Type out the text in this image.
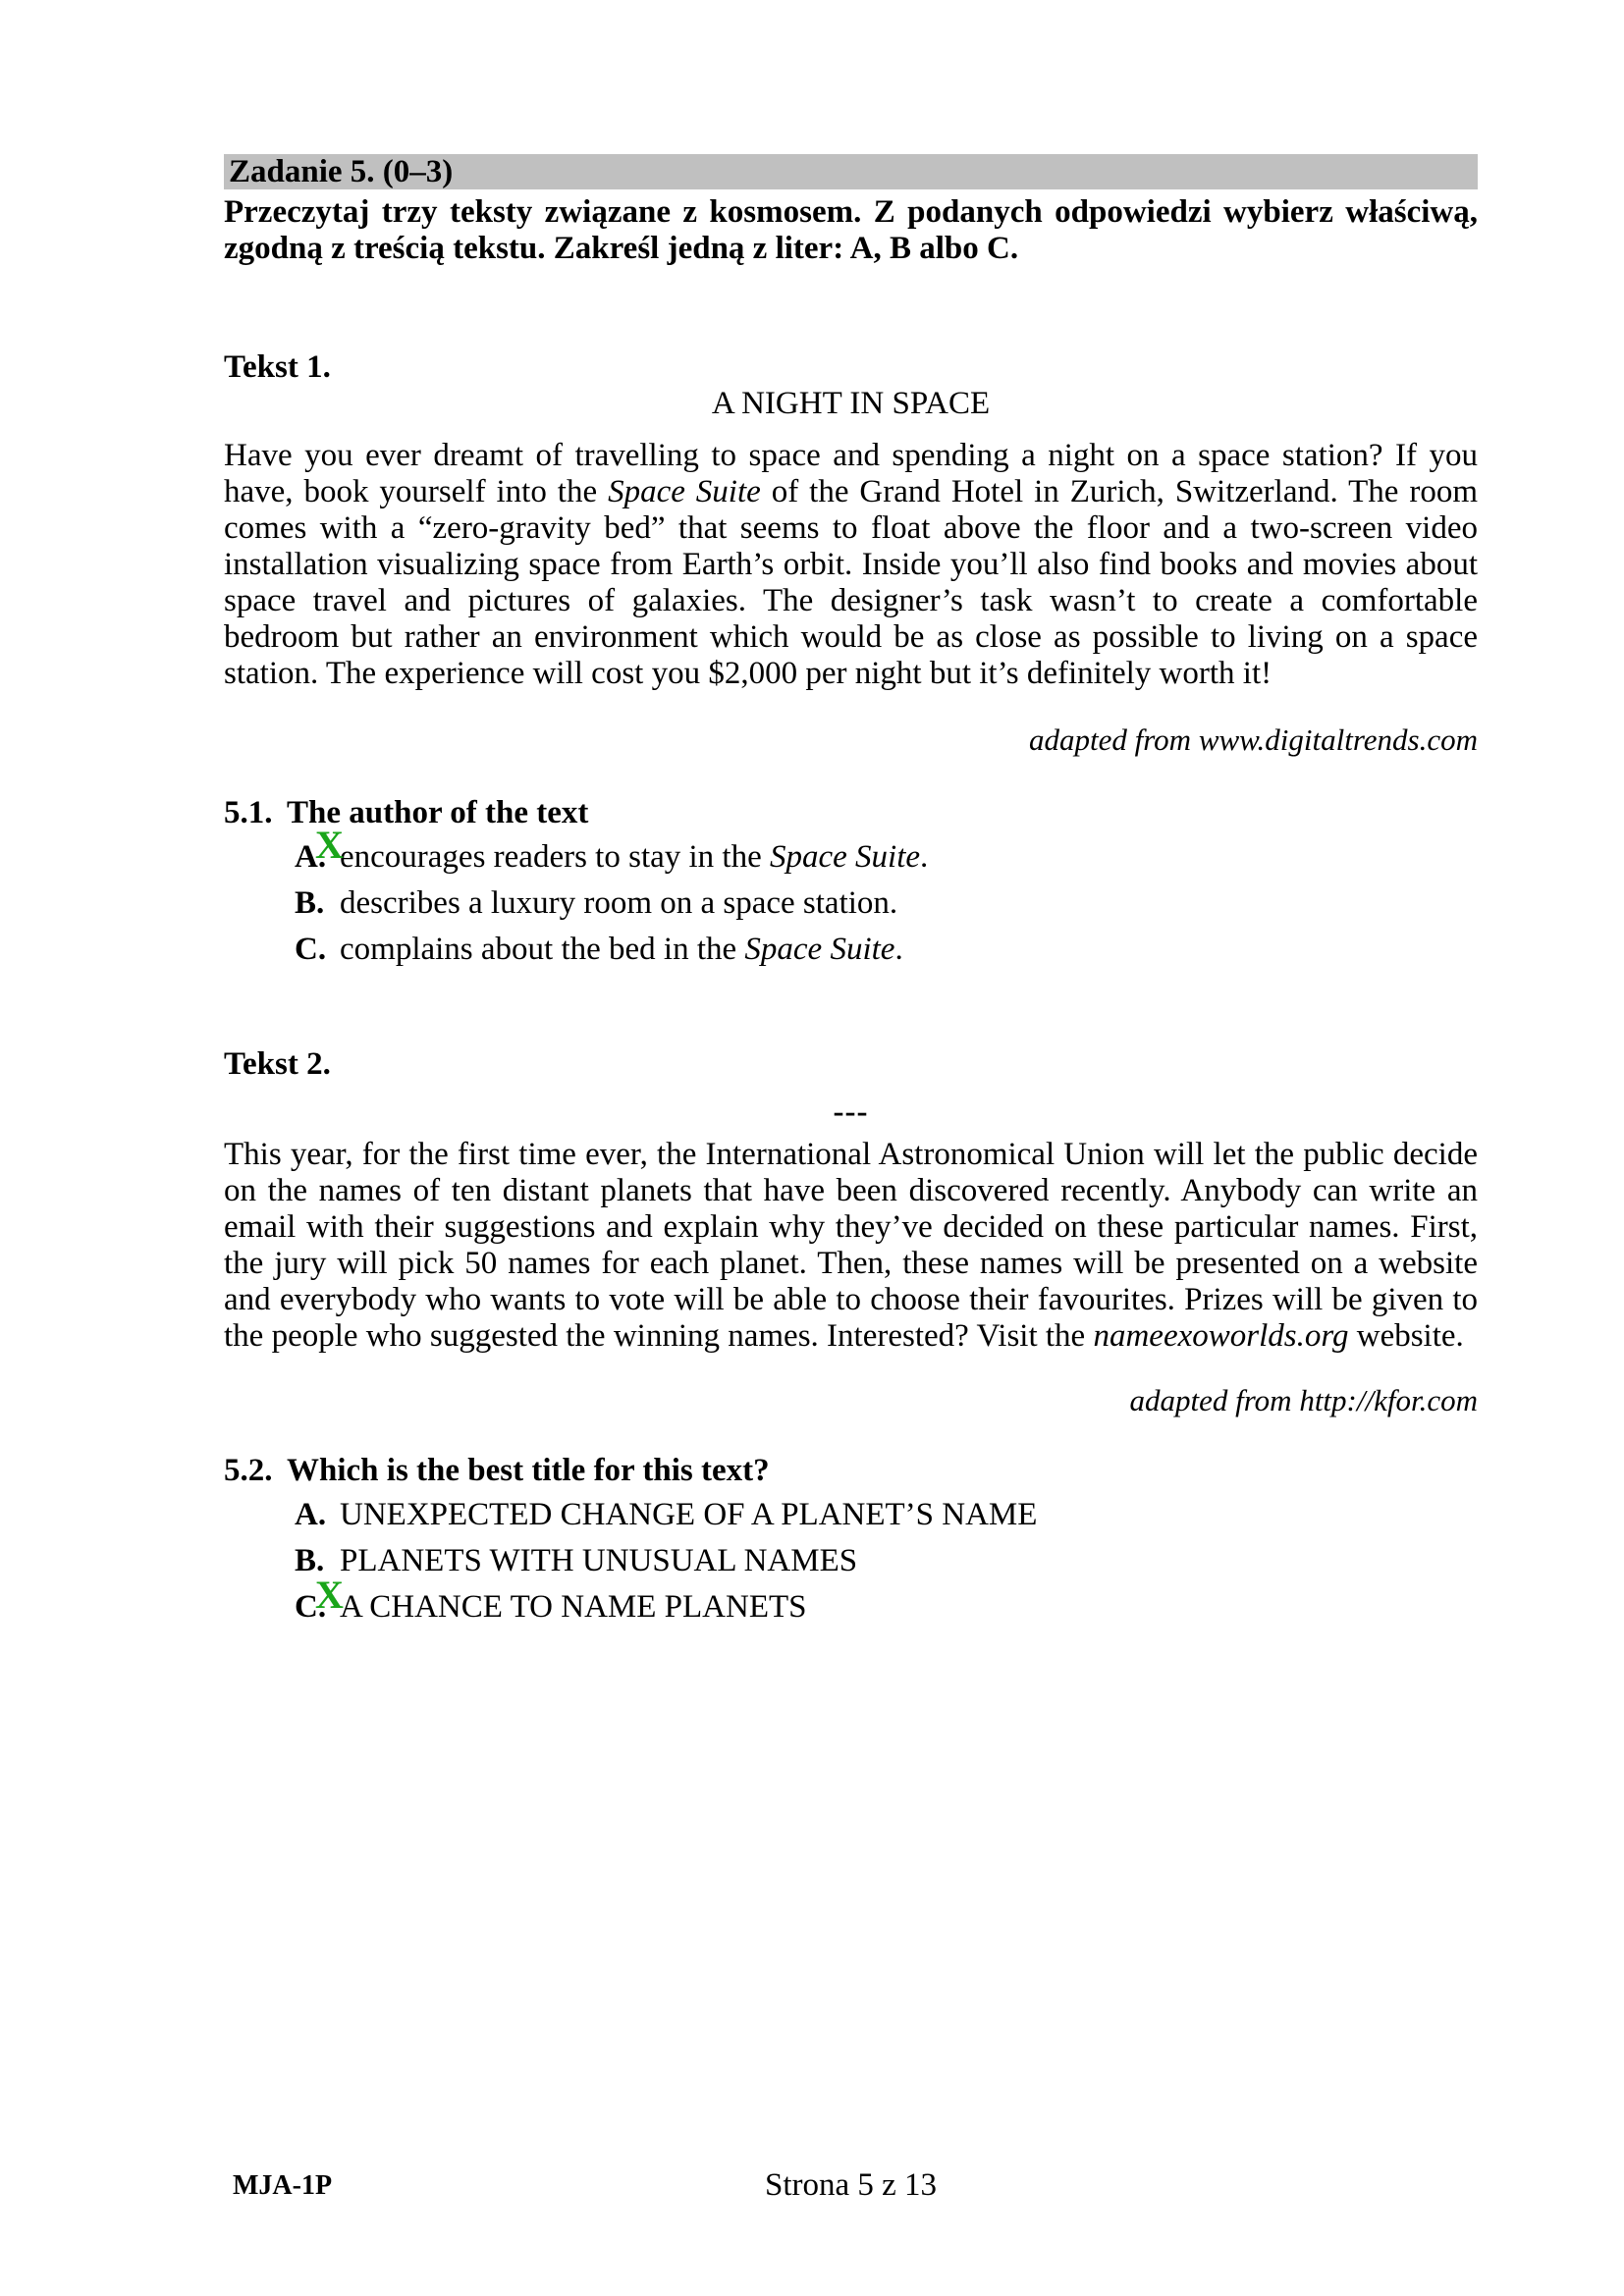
Zadanie 5. (0–3)

Przeczytaj trzy teksty związane z kosmosem. Z podanych odpowiedzi wybierz właściwą, zgodną z treścią tekstu. Zakreśl jedną z liter: A, B albo C.

Tekst 1.

A NIGHT IN SPACE

Have you ever dreamt of travelling to space and spending a night on a space station? If you have, book yourself into the Space Suite of the Grand Hotel in Zurich, Switzerland. The room comes with a “zero-gravity bed” that seems to float above the floor and a two-screen video installation visualizing space from Earth’s orbit. Inside you’ll also find books and movies about space travel and pictures of galaxies. The designer’s task wasn’t to create a comfortable bedroom but rather an environment which would be as close as possible to living on a space station. The experience will cost you $2,000 per night but it’s definitely worth it!

adapted from www.digitaltrends.com

5.1. The author of the text
A.
X
encourages readers to stay in the Space Suite.
B. describes a luxury room on a space station.
C. complains about the bed in the Space Suite.

Tekst 2.

---

This year, for the first time ever, the International Astronomical Union will let the public decide on the names of ten distant planets that have been discovered recently. Anybody can write an email with their suggestions and explain why they’ve decided on these particular names. First, the jury will pick 50 names for each planet. Then, these names will be presented on a website and everybody who wants to vote will be able to choose their favourites. Prizes will be given to the people who suggested the winning names. Interested? Visit the nameexoworlds.org website.

adapted from http://kfor.com

5.2. Which is the best title for this text?
A. UNEXPECTED CHANGE OF A PLANET’S NAME
B. PLANETS WITH UNUSUAL NAMES
C.
X
A CHANCE TO NAME PLANETS
MJA-1P	Strona 5 z 13
